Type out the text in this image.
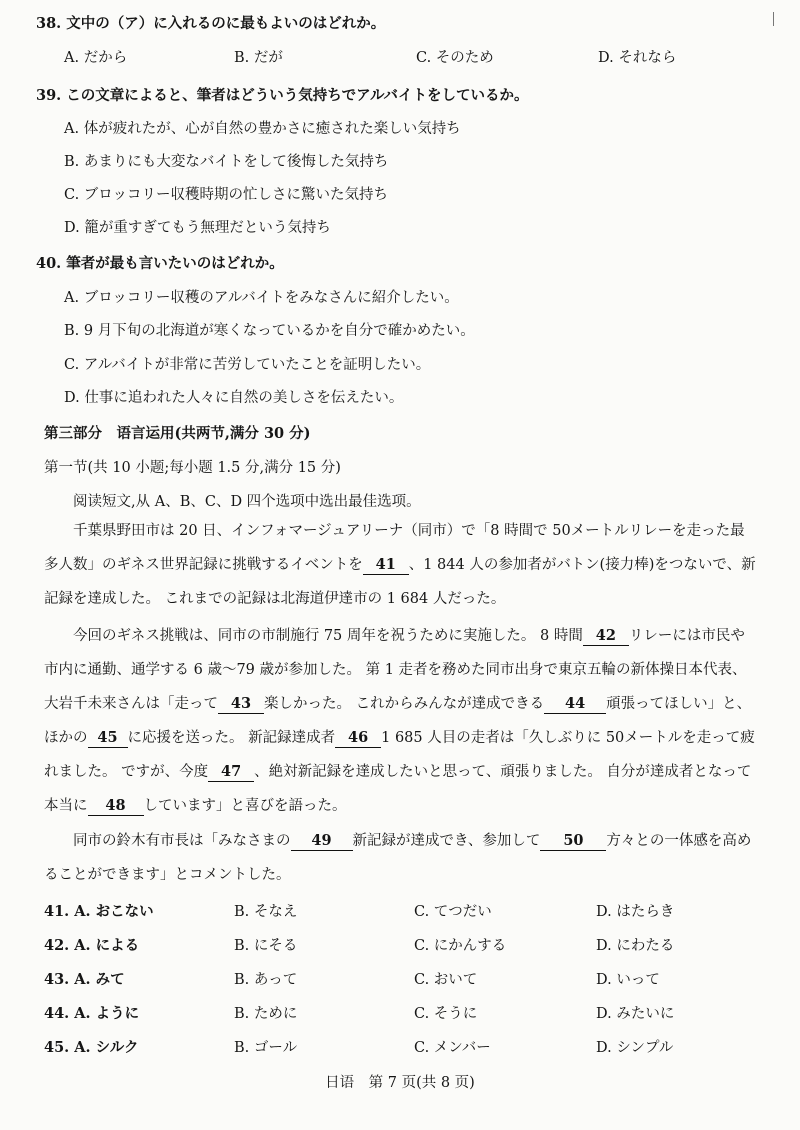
38. 文中の（ア）に入れるのに最もよいのはどれか。
A. だから	B. だが	C. そのため	D. それなら
39. この文章によると、筆者はどういう気持ちでアルバイトをしているか。
A. 体が疲れたが、心が自然の豊かさに癒された楽しい気持ち
B. あまりにも大変なバイトをして後悔した気持ち
C. ブロッコリー収穫時期の忙しさに驚いた気持ち
D. 籠が重すぎてもう無理だという気持ち
40. 筆者が最も言いたいのはどれか。
A. ブロッコリー収穫のアルバイトをみなさんに紹介したい。
B. 9 月下旬の北海道が寒くなっているかを自分で確かめたい。
C. アルバイトが非常に苦労していたことを証明したい。
D. 仕事に追われた人々に自然の美しさを伝えたい。
第三部分　语言运用(共两节,满分 30 分)
第一节(共 10 小题;每小题 1.5 分,满分 15 分)
阅读短文,从 A、B、C、D 四个选项中选出最佳选项。
千葉県野田市は 20 日、インフォマージュアリーナ（同市）で「8 時間で 50メートルリレーを走った最多人数」のギネス世界記録に挑戦するイベントを 41 、1 844 人の参加者がバトン(接力棒)をつないで、新記録を達成した。 これまでの記録は北海道伊達市の 1 684 人だった。
今回のギネス挑戦は、同市の市制施行 75 周年を祝うために実施した。 8 時間 42 リレーには市民や市内に通勤、通学する 6 歳～79 歳が参加した。 第 1 走者を務めた同市出身で東京五輪の新体操日本代表、大岩千未来さんは「走って 43 楽しかった。 これからみんなが達成できる 44 頑張ってほしい」と、ほかの 45 に応援を送った。 新記録達成者 46 1 685 人目の走者は「久しぶりに 50メートルを走って疲れました。 ですが、今度 47 、絶対新記録を達成したいと思って、頑張りました。 自分が達成者となって本当に 48 しています」と喜びを語った。
同市の鈴木有市長は「みなさまの 49 新記録が達成でき、参加して 50 方々との一体感を高めることができます」とコメントした。
41. A. おこない	B. そなえ	C. てつだい	D. はたらき
42. A. による	B. にそる	C. にかんする	D. にわたる
43. A. みて	B. あって	C. おいて	D. いって
44. A. ように	B. ために	C. そうに	D. みたいに
45. A. シルク	B. ゴール	C. メンバー	D. シンプル
日语　第 7 页(共 8 页)
